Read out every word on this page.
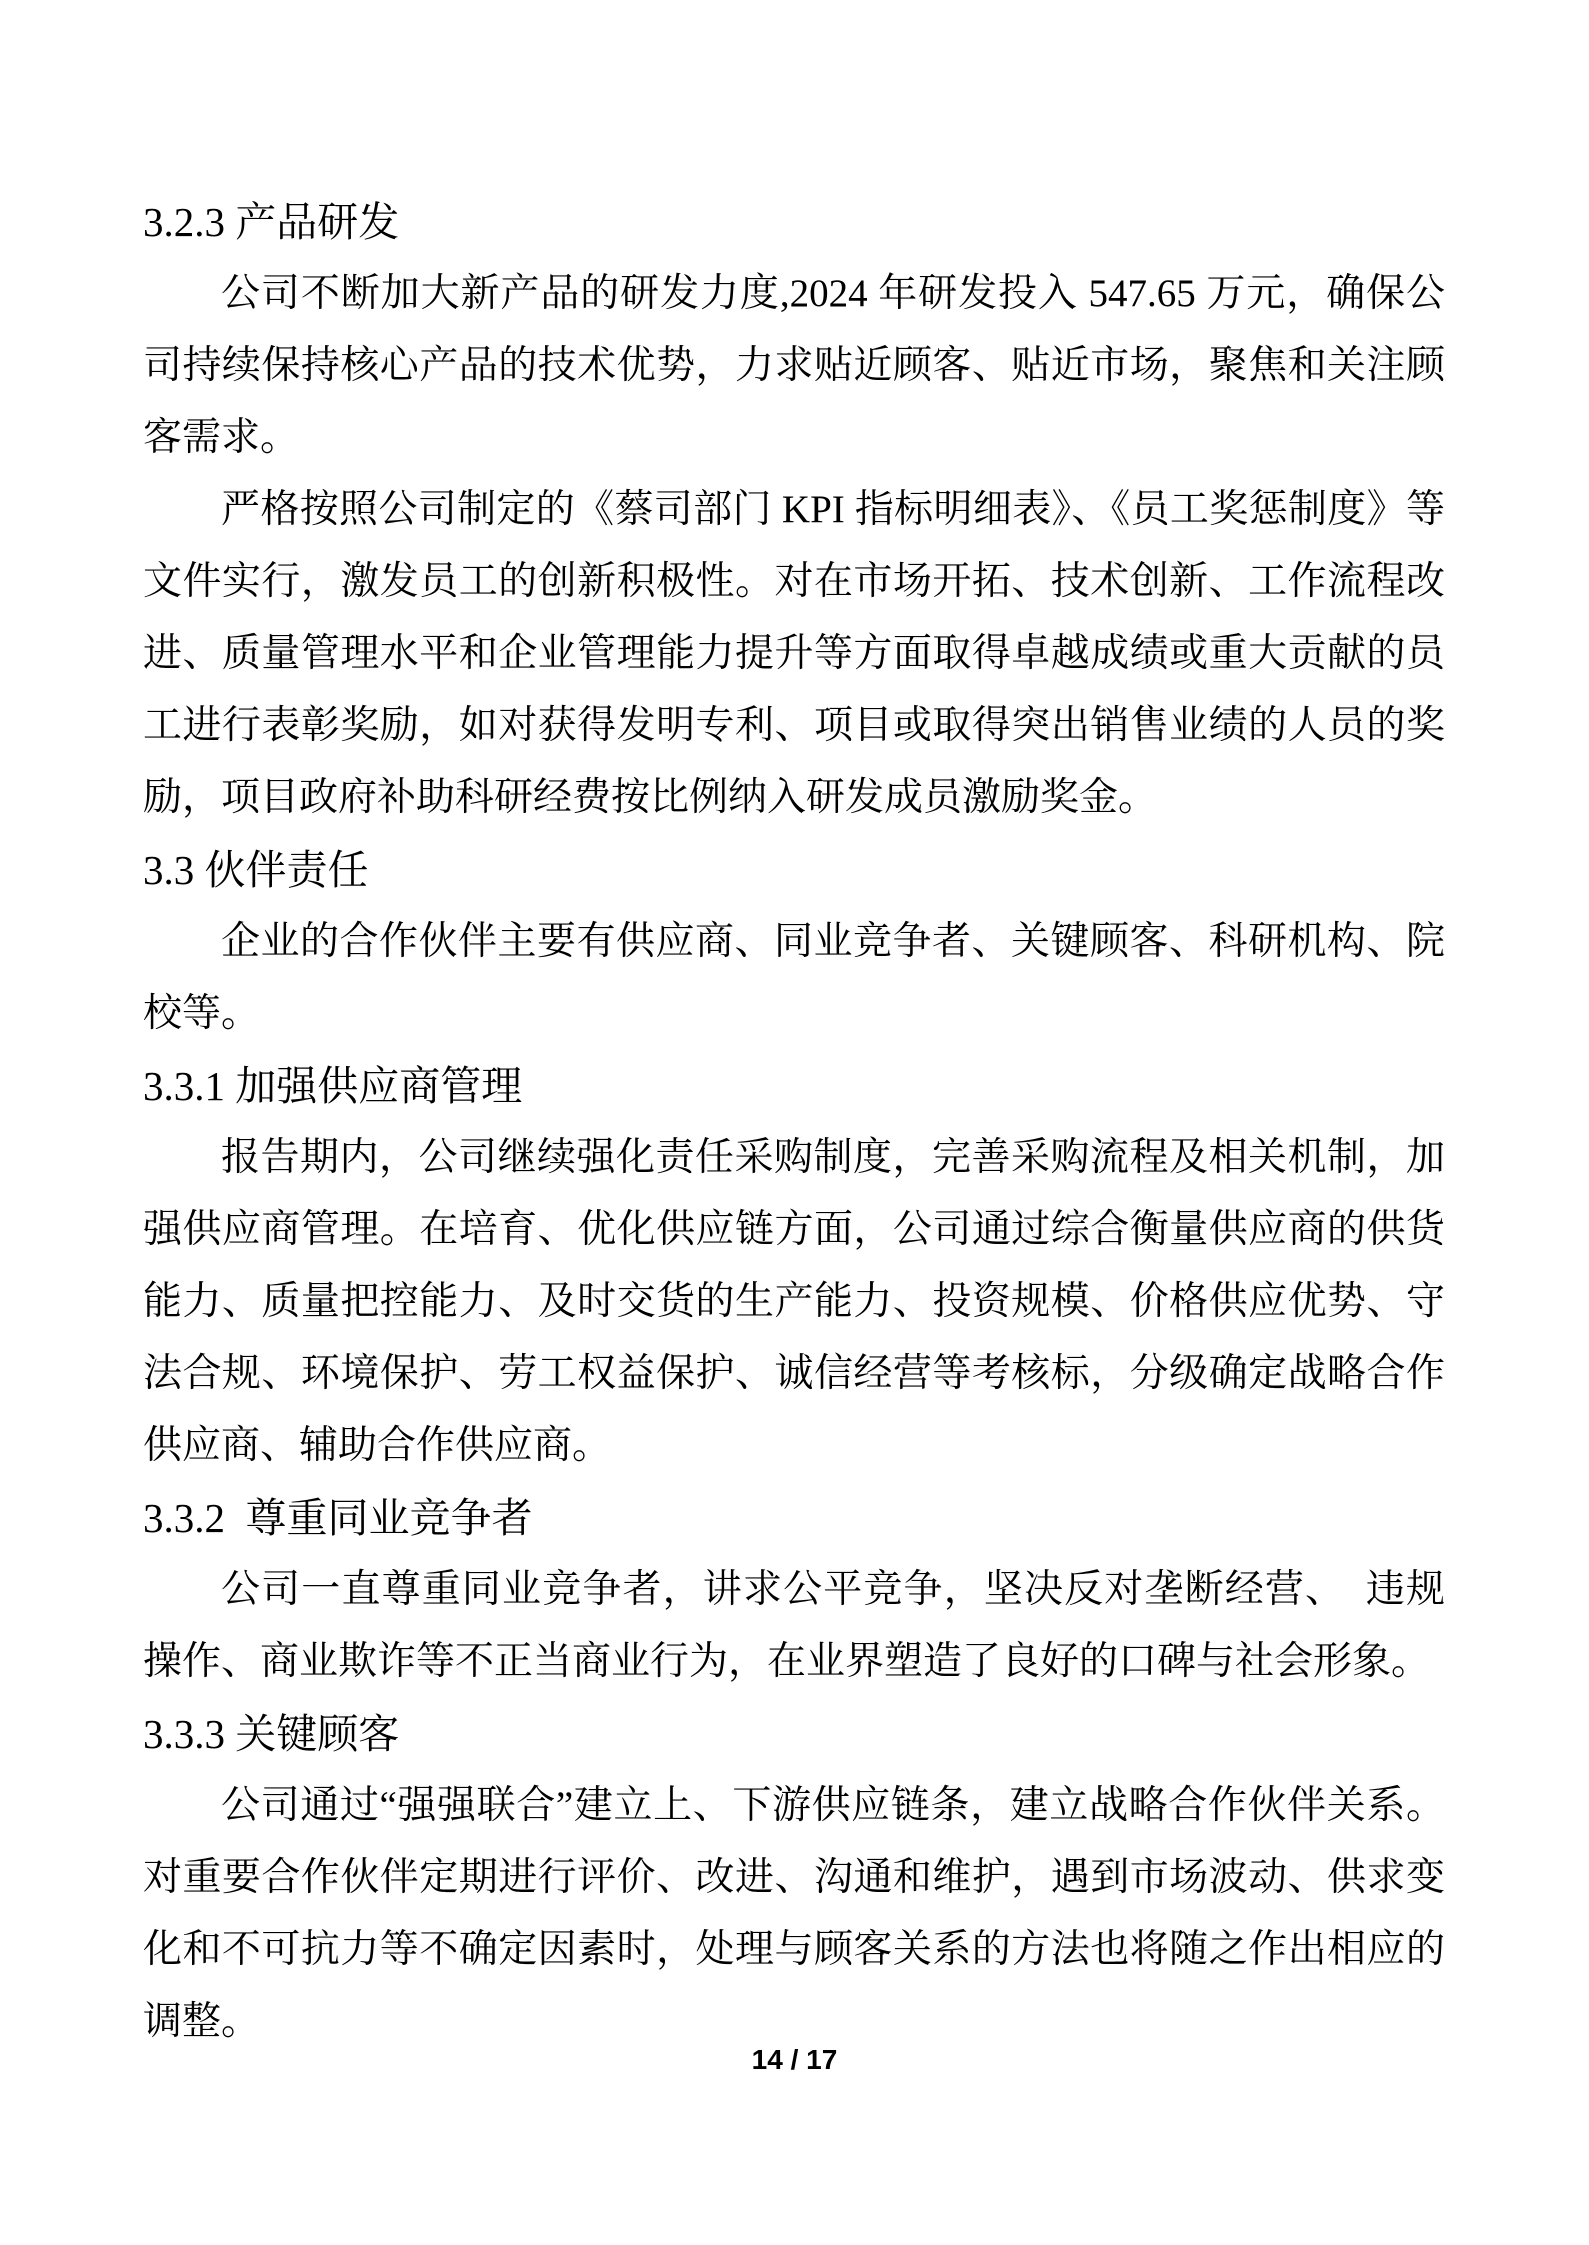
3.2.3 产品研发

公司不断加大新产品的研发力度,2024 年研发投入 547.65 万元，确保公司持续保持核心产品的技术优势，力求贴近顾客、贴近市场，聚焦和关注顾客需求。

严格按照公司制定的《蔡司部门 KPI 指标明细表》、《员工奖惩制度》等文件实行，激发员工的创新积极性。对在市场开拓、技术创新、工作流程改进、质量管理水平和企业管理能力提升等方面取得卓越成绩或重大贡献的员工进行表彰奖励，如对获得发明专利、项目或取得突出销售业绩的人员的奖励，项目政府补助科研经费按比例纳入研发成员激励奖金。

3.3 伙伴责任

企业的合作伙伴主要有供应商、同业竞争者、关键顾客、科研机构、院校等。

3.3.1 加强供应商管理

报告期内，公司继续强化责任采购制度，完善采购流程及相关机制，加强供应商管理。在培育、优化供应链方面，公司通过综合衡量供应商的供货能力、质量把控能力、及时交货的生产能力、投资规模、价格供应优势、守法合规、环境保护、劳工权益保护、诚信经营等考核标，分级确定战略合作供应商、辅助合作供应商。

3.3.2  尊重同业竞争者

公司一直尊重同业竞争者，讲求公平竞争，坚决反对垄断经营、　违规操作、商业欺诈等不正当商业行为，在业界塑造了良好的口碑与社会形象。

3.3.3 关键顾客

公司通过“强强联合”建立上、下游供应链条，建立战略合作伙伴关系。对重要合作伙伴定期进行评价、改进、沟通和维护，遇到市场波动、供求变化和不可抗力等不确定因素时，处理与顾客关系的方法也将随之作出相应的调整。

14 / 17
